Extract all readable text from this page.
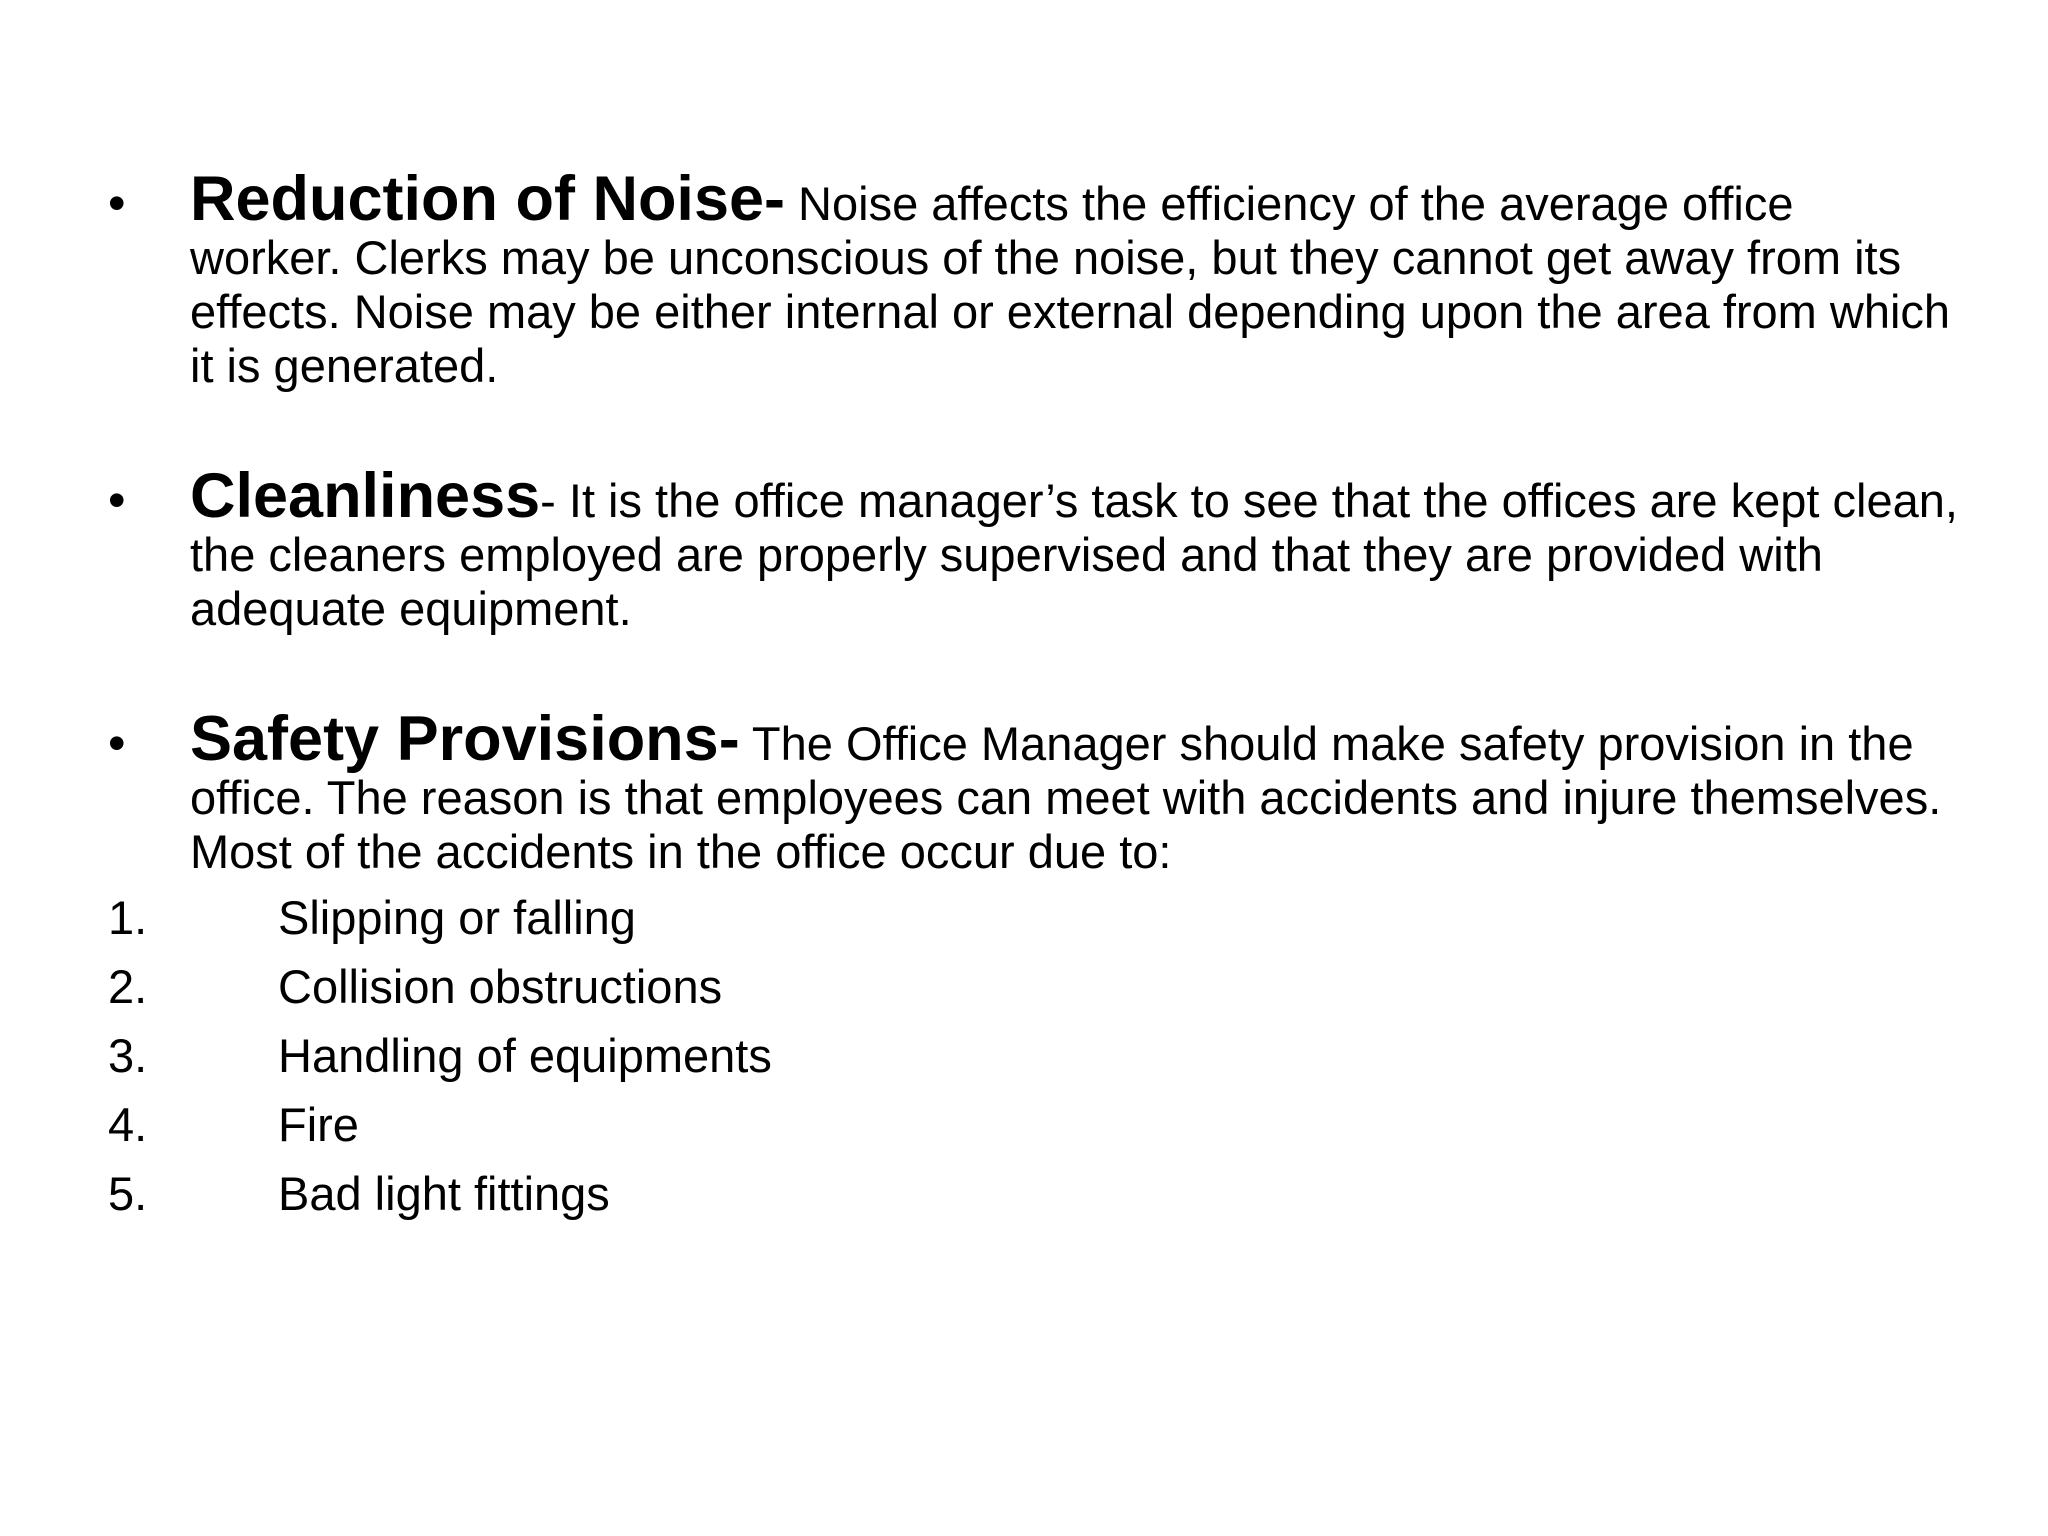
• Reduction of Noise- Noise affects the efficiency of the average office worker. Clerks may be unconscious of the noise, but they cannot get away from its effects. Noise may be either internal or external depending upon the area from which it is generated.
• Cleanliness- It is the office manager’s task to see that the offices are kept clean, the cleaners employed are properly supervised and that they are provided with adequate equipment.
• Safety Provisions- The Office Manager should make safety provision in the office. The reason is that employees can meet with accidents and injure themselves. Most of the accidents in the office occur due to:
1.	Slipping or falling
2.	Collision obstructions
3.	Handling of equipments
4.	Fire
5.	Bad light fittings
